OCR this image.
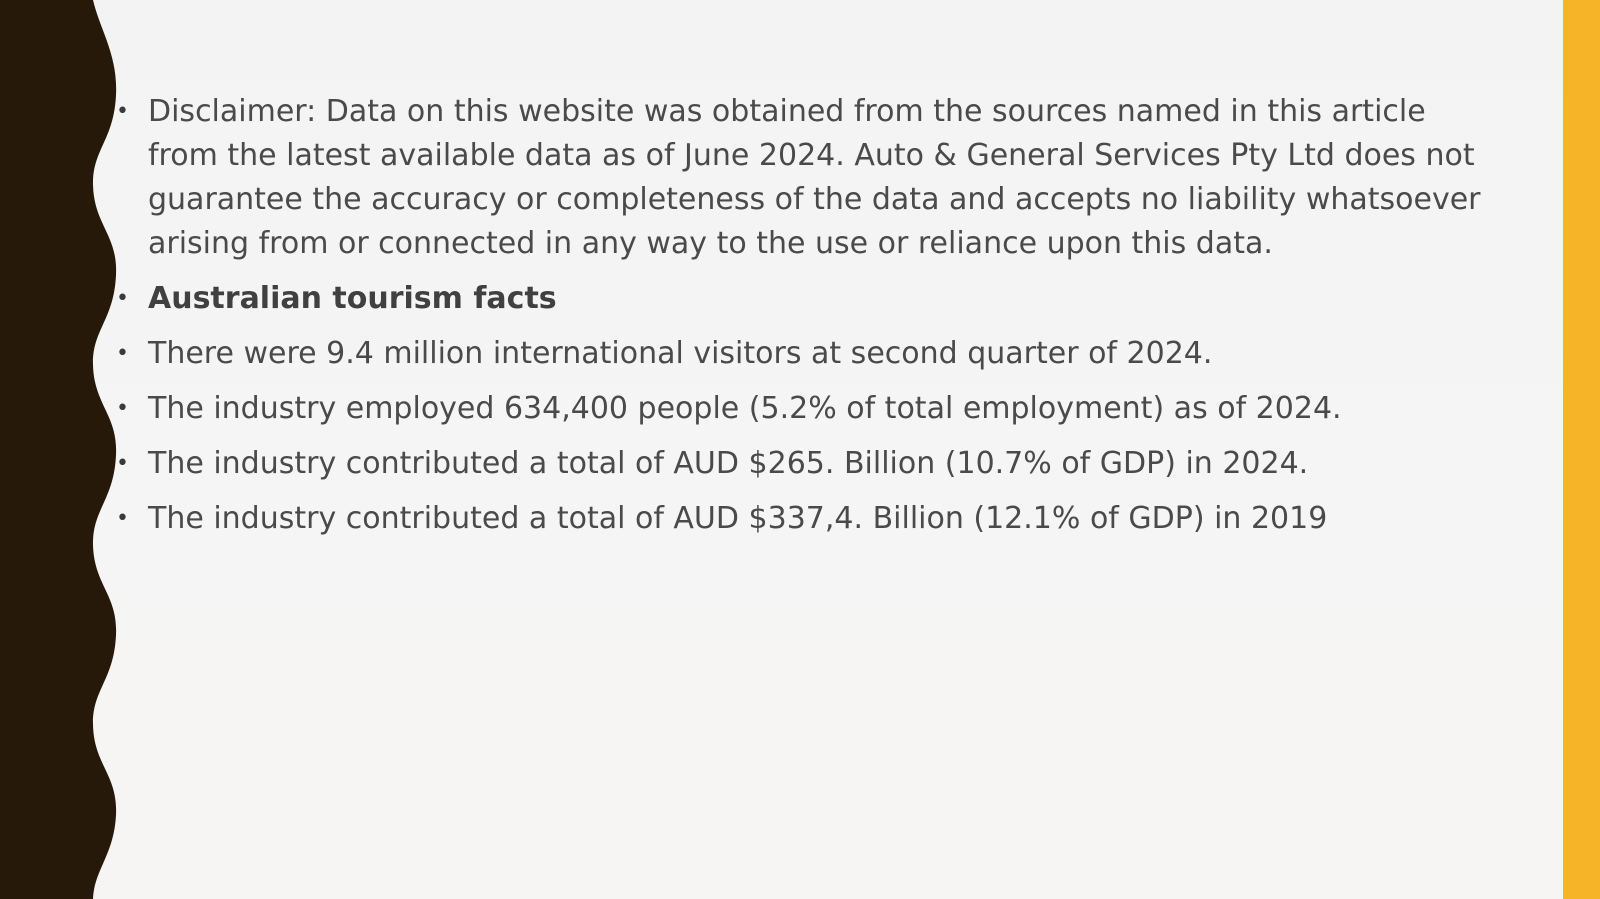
• Disclaimer: Data on this website was obtained from the sources named in this article from the latest available data as of June 2024. Auto & General Services Pty Ltd does not guarantee the accuracy or completeness of the data and accepts no liability whatsoever arising from or connected in any way to the use or reliance upon this data.
• Australian tourism facts
• There were 9.4 million international visitors at second quarter of 2024.
• The industry employed 634,400 people (5.2% of total employment) as of 2024.
• The industry contributed a total of AUD $265. Billion (10.7% of GDP) in 2024.
• The industry contributed a total of AUD $337,4. Billion (12.1% of GDP) in 2019
